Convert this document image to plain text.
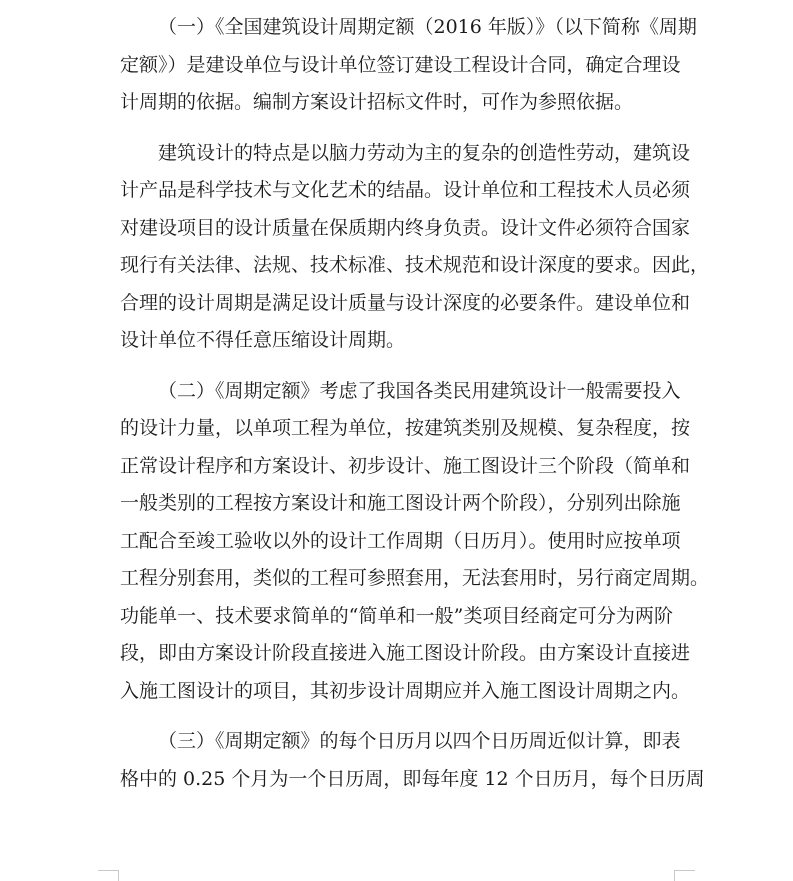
（一）《全国建筑设计周期定额（2016 年版）》（以下简称《周期
定额》）是建设单位与设计单位签订建设工程设计合同，确定合理设
计周期的依据。编制方案设计招标文件时，可作为参照依据。

建筑设计的特点是以脑力劳动为主的复杂的创造性劳动，建筑设
计产品是科学技术与文化艺术的结晶。设计单位和工程技术人员必须
对建设项目的设计质量在保质期内终身负责。设计文件必须符合国家
现行有关法律、法规、技术标准、技术规范和设计深度的要求。因此，
合理的设计周期是满足设计质量与设计深度的必要条件。建设单位和
设计单位不得任意压缩设计周期。

（二）《周期定额》考虑了我国各类民用建筑设计一般需要投入
的设计力量，以单项工程为单位，按建筑类别及规模、复杂程度，按
正常设计程序和方案设计、初步设计、施工图设计三个阶段（简单和
一般类别的工程按方案设计和施工图设计两个阶段），分别列出除施
工配合至竣工验收以外的设计工作周期（日历月）。使用时应按单项
工程分别套用，类似的工程可参照套用，无法套用时，另行商定周期。
功能单一、技术要求简单的“简单和一般”类项目经商定可分为两阶
段，即由方案设计阶段直接进入施工图设计阶段。由方案设计直接进
入施工图设计的项目，其初步设计周期应并入施工图设计周期之内。

（三）《周期定额》的每个日历月以四个日历周近似计算，即表
格中的 0.25 个月为一个日历周，即每年度 12 个日历月，每个日历周
